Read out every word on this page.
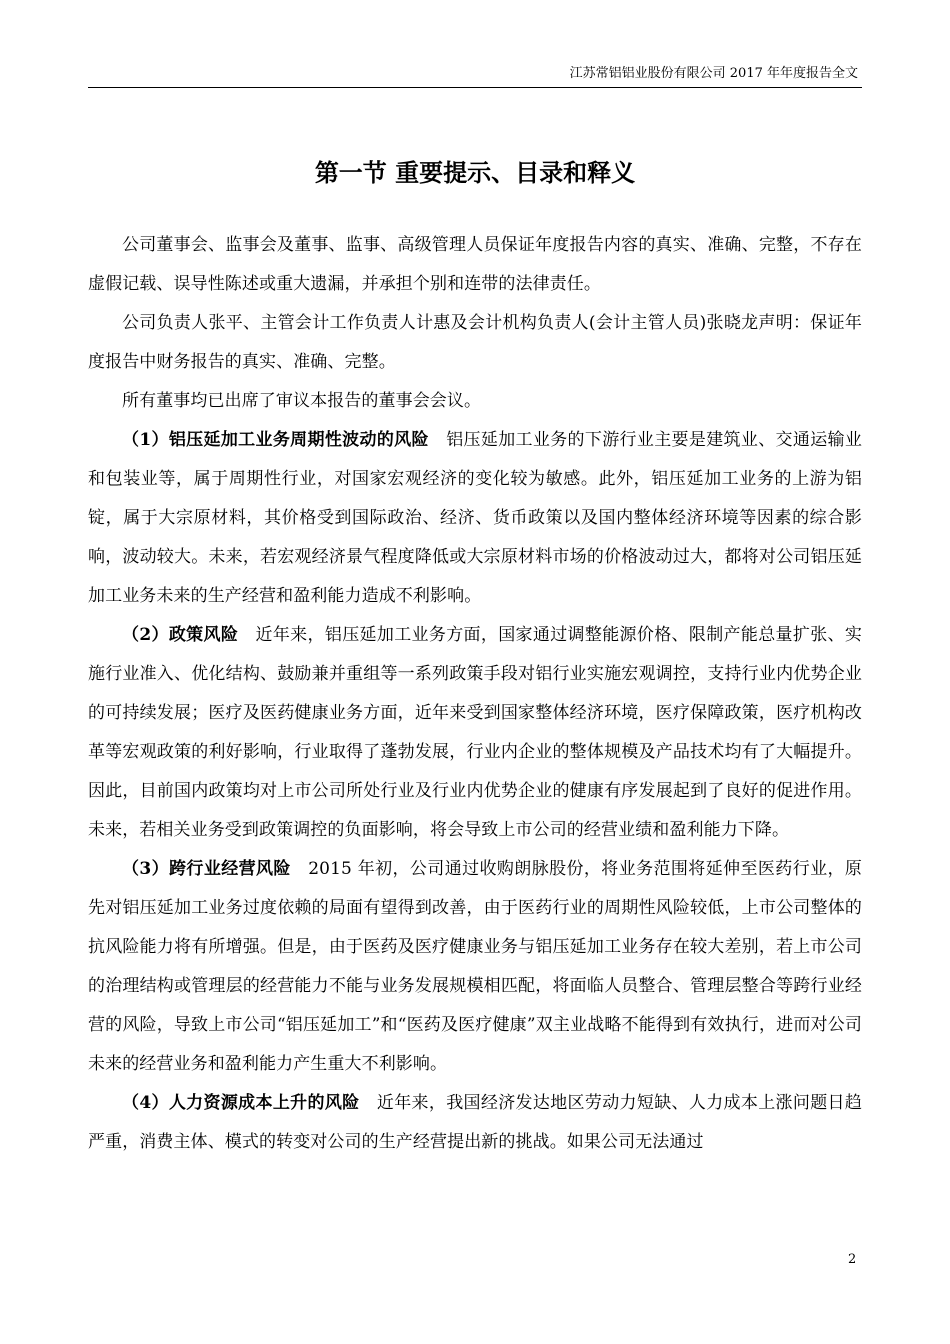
江苏常铝铝业股份有限公司 2017 年年度报告全文
第一节 重要提示、目录和释义

公司董事会、监事会及董事、监事、高级管理人员保证年度报告内容的真实、准确、完整，不存在虚假记载、误导性陈述或重大遗漏，并承担个别和连带的法律责任。

公司负责人张平、主管会计工作负责人计惠及会计机构负责人(会计主管人员)张晓龙声明：保证年度报告中财务报告的真实、准确、完整。

所有董事均已出席了审议本报告的董事会会议。

（1）铝压延加工业务周期性波动的风险　 铝压延加工业务的下游行业主要是建筑业、交通运输业和包装业等，属于周期性行业，对国家宏观经济的变化较为敏感。此外，铝压延加工业务的上游为铝锭，属于大宗原材料，其价格受到国际政治、经济、货币政策以及国内整体经济环境等因素的综合影响，波动较大。未来，若宏观经济景气程度降低或大宗原材料市场的价格波动过大，都将对公司铝压延加工业务未来的生产经营和盈利能力造成不利影响。

（2）政策风险　 近年来，铝压延加工业务方面，国家通过调整能源价格、限制产能总量扩张、实施行业准入、优化结构、鼓励兼并重组等一系列政策手段对铝行业实施宏观调控，支持行业内优势企业的可持续发展；医疗及医药健康业务方面，近年来受到国家整体经济环境，医疗保障政策，医疗机构改革等宏观政策的利好影响，行业取得了蓬勃发展，行业内企业的整体规模及产品技术均有了大幅提升。因此，目前国内政策均对上市公司所处行业及行业内优势企业的健康有序发展起到了良好的促进作用。未来，若相关业务受到政策调控的负面影响，将会导致上市公司的经营业绩和盈利能力下降。

（3）跨行业经营风险　 2015 年初，公司通过收购朗脉股份，将业务范围将延伸至医药行业，原先对铝压延加工业务过度依赖的局面有望得到改善，由于医药行业的周期性风险较低，上市公司整体的抗风险能力将有所增强。但是，由于医药及医疗健康业务与铝压延加工业务存在较大差别，若上市公司的治理结构或管理层的经营能力不能与业务发展规模相匹配，将面临人员整合、管理层整合等跨行业经营的风险，导致上市公司“铝压延加工”和“医药及医疗健康”双主业战略不能得到有效执行，进而对公司未来的经营业务和盈利能力产生重大不利影响。

（4）人力资源成本上升的风险　 近年来，我国经济发达地区劳动力短缺、人力成本上涨问题日趋严重，消费主体、模式的转变对公司的生产经营提出新的挑战。如果公司无法通过

2
